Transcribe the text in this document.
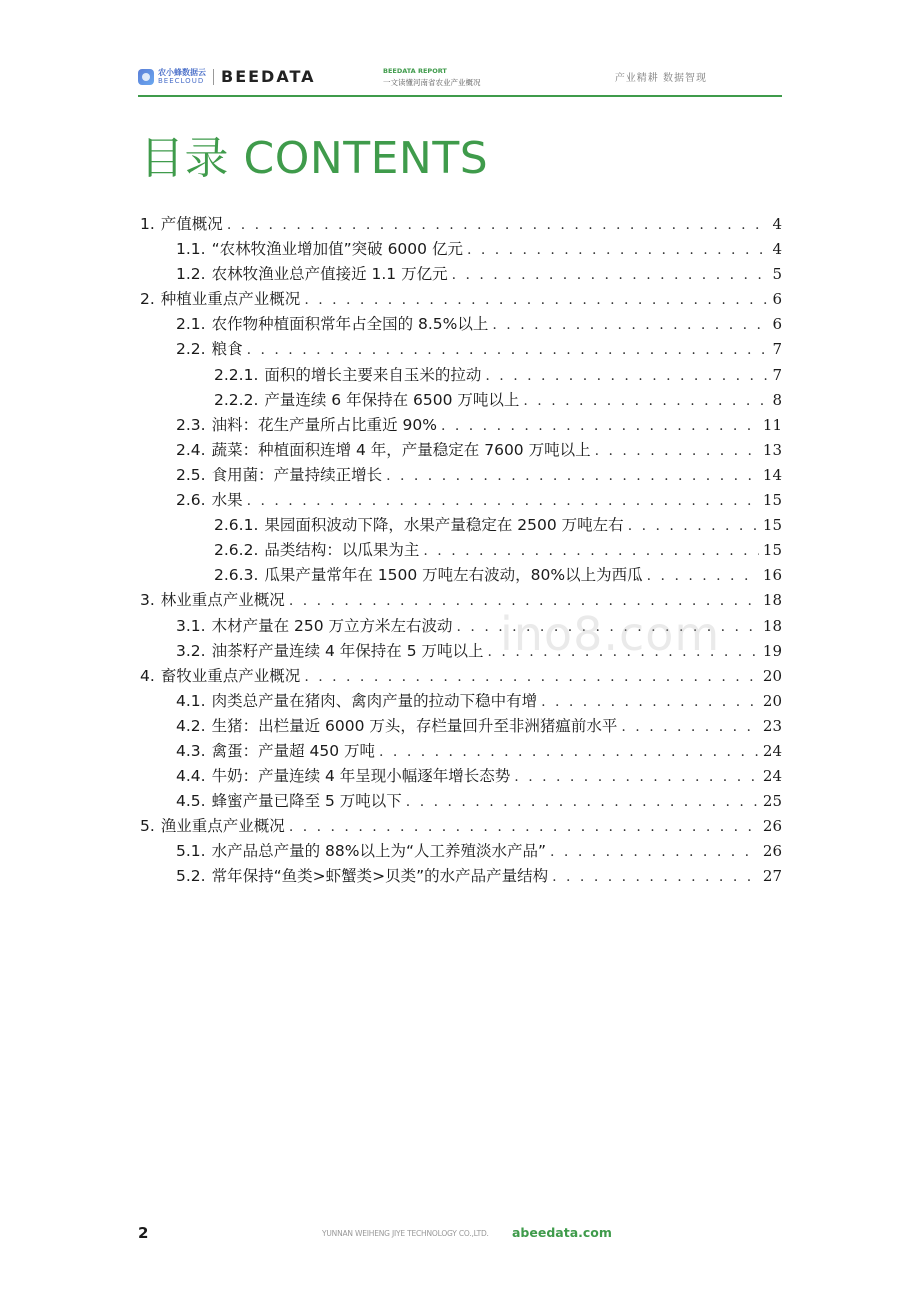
农小蜂数据云
BEECLOUD BEEDATA	BEEDATA REPORT
一文读懂河南省农业产业概况	产业精耕 数据智现
目录 CONTENTS
1. 产值概况 . . .	4
1.1. “农林牧渔业增加值”突破 6000 亿元 . . .	4
1.2. 农林牧渔业总产值接近 1.1 万亿元 . . .	5
2. 种植业重点产业概况 . . .	6
2.1. 农作物种植面积常年占全国的 8.5%以上 . . .	6
2.2. 粮食 . . .	7
2.2.1. 面积的增长主要来自玉米的拉动 . . .	7
2.2.2. 产量连续 6 年保持在 6500 万吨以上 . . .	8
2.3. 油料：花生产量所占比重近 90% . . .	11
2.4. 蔬菜：种植面积连增 4 年，产量稳定在 7600 万吨以上 . . .	13
2.5. 食用菌：产量持续正增长 . . .	14
2.6. 水果 . . .	15
2.6.1. 果园面积波动下降，水果产量稳定在 2500 万吨左右 . . .	15
2.6.2. 品类结构：以瓜果为主 . . .	15
2.6.3. 瓜果产量常年在 1500 万吨左右波动，80%以上为西瓜 . . .	16
3. 林业重点产业概况 . . .	18
3.1. 木材产量在 250 万立方米左右波动 . . .	18
3.2. 油茶籽产量连续 4 年保持在 5 万吨以上 . . .	19
4. 畜牧业重点产业概况 . . .	20
4.1. 肉类总产量在猪肉、禽肉产量的拉动下稳中有增 . . .	20
4.2. 生猪：出栏量近 6000 万头，存栏量回升至非洲猪瘟前水平 . . .	23
4.3. 禽蛋：产量超 450 万吨 . . .	24
4.4. 牛奶：产量连续 4 年呈现小幅逐年增长态势 . . .	24
4.5. 蜂蜜产量已降至 5 万吨以下 . . .	25
5. 渔业重点产业概况 . . .	26
5.1. 水产品总产量的 88%以上为“人工养殖淡水产品” . . .	26
5.2. 常年保持“鱼类>虾蟹类>贝类”的水产品产量结构 . . .	27
ino8.com
2	YUNNAN WEIHENG JIYE TECHNOLOGY CO.,LTD. abeedata.com
